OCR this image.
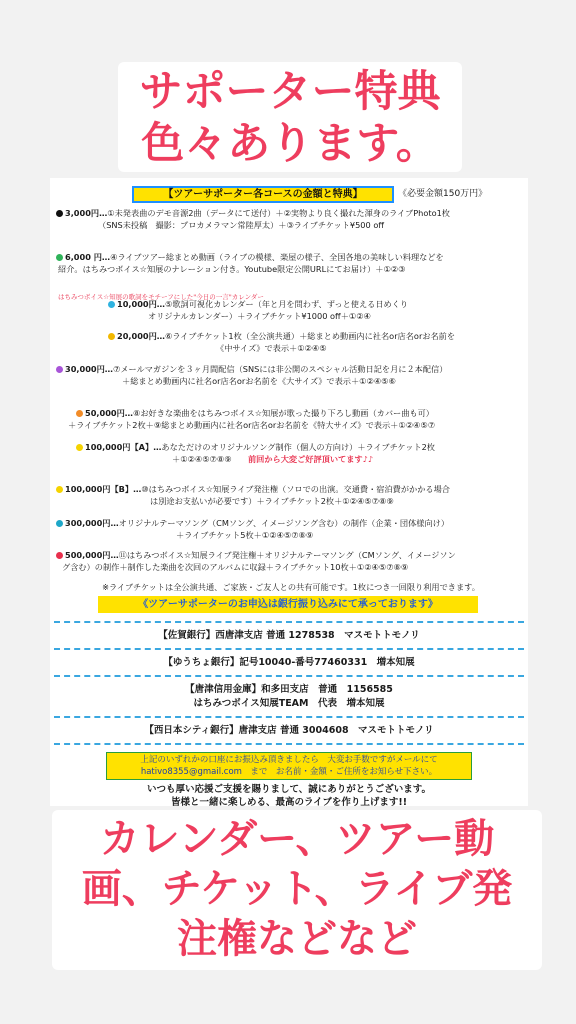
サポーター特典
色々あります。
【ツアーサポーター各コースの金額と特典】	《必要金額150万円》
はちみつボイス☆知展の歌詞をモチーフにした"今日の一言"カレンダー
3,000円…①未発表曲のデモ音源2曲（データにて送付）＋②実物より良く撮れた渾身のライブPhoto1枚
（SNS未投稿　撮影：プロカメラマン常陸厚太）＋③ライブチケット¥500 off
6,000 円…④ライブツアー総まとめ動画（ライブの模様、楽屋の様子、全国各地の美味しい料理などを
紹介。はちみつボイス☆知展のナレーション付き。Youtube限定公開URLにてお届け）＋①②③
10,000円…⑤歌詞可視化カレンダー（年と月を問わず、ずっと使える日めくり
オリジナルカレンダー）＋ライブチケット¥1000 off＋①②④
20,000円…⑥ライブチケット1枚（全公演共通）＋総まとめ動画内に社名or店名orお名前を
《中サイズ》で表示＋①②④⑤
30,000円…⑦メールマガジンを３ヶ月間配信（SNSには非公開のスペシャル活動日記を月に２本配信）
＋総まとめ動画内に社名or店名orお名前を《大サイズ》で表示＋①②④⑤⑥
50,000円…⑧お好きな楽曲をはちみつボイス☆知展が歌った撮り下ろし動画（カバー曲も可）
＋ライブチケット2枚＋⑨総まとめ動画内に社名or店名orお名前を《特大サイズ》で表示＋①②④⑤⑦
100,000円【A】…あなただけのオリジナルソング制作（個人の方向け）＋ライブチケット2枚
＋①②④⑤⑦⑧⑨　　 前回から大変ご好評頂いてます♪♪
100,000円【B】…⑩はちみつボイス☆知展ライブ発注権（ソロでの出演。交通費・宿泊費がかかる場合
は別途お支払いが必要です）＋ライブチケット2枚＋①②④⑤⑦⑧⑨
300,000円…オリジナルテーマソング（CMソング、イメージソング含む）の制作（企業・団体様向け）
＋ライブチケット5枚＋①②④⑤⑦⑧⑨
500,000円…⑪はちみつボイス☆知展ライブ発注権＋オリジナルテーマソング（CMソング、イメージソン
グ含む）の制作＋制作した楽曲を次回のアルバムに収録＋ライブチケット10枚＋①②④⑤⑦⑧⑨
※ライブチケットは全公演共通、ご家族・ご友人との共有可能です。1枚につき一回限り利用できます。
《ツアーサポーターのお申込は銀行振り込みにて承っております》
【佐賀銀行】西唐津支店 普通 1278538　マスモトトモノリ
【ゆうちょ銀行】記号10040-番号77460331　増本知展
【唐津信用金庫】和多田支店　普通　1156585
はちみつボイス知展TEAM　代表　増本知展
【西日本シティ銀行】唐津支店 普通 3004608　マスモトトモノリ
上記のいずれかの口座にお振込み頂きましたら　大変お手数ですがメールにて
hativo8355@gmail.com　まで　お名前・金額・ご住所をお知らせ下さい。
いつも厚い応援ご支援を賜りまして、誠にありがとうございます。
皆様と一緒に楽しめる、最高のライブを作り上げます!!
カレンダー、ツアー動
画、チケット、ライブ発
注権などなど
